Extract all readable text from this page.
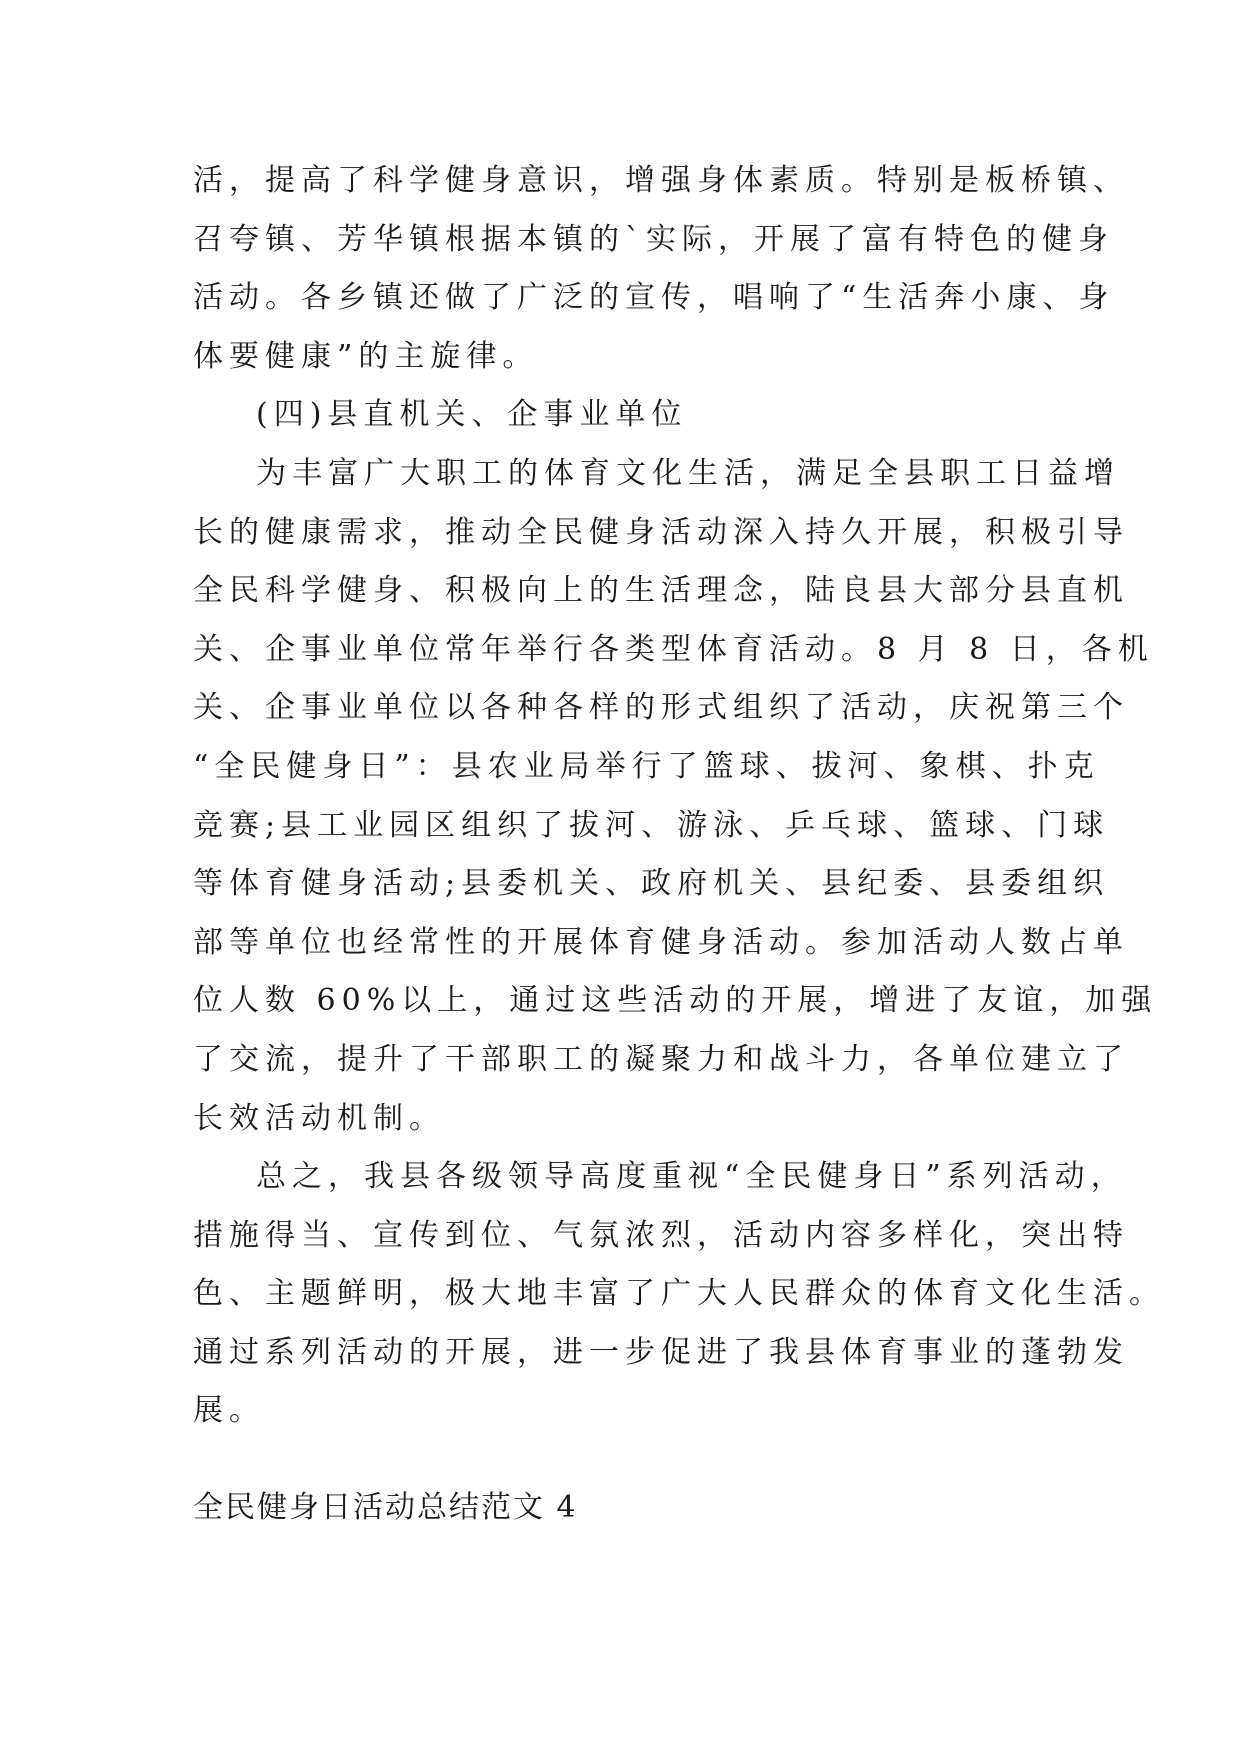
活，提高了科学健身意识，增强身体素质。特别是板桥镇、
召夸镇、芳华镇根据本镇的`实际，开展了富有特色的健身
活动。各乡镇还做了广泛的宣传，唱响了“生活奔小康、身
体要健康”的主旋律。
(四)县直机关、企事业单位
为丰富广大职工的体育文化生活，满足全县职工日益增
长的健康需求，推动全民健身活动深入持久开展，积极引导
全民科学健身、积极向上的生活理念，陆良县大部分县直机
关、企事业单位常年举行各类型体育活动。8 月 8 日，各机
关、企事业单位以各种各样的形式组织了活动，庆祝第三个
“全民健身日”：县农业局举行了篮球、拔河、象棋、扑克
竞赛;县工业园区组织了拔河、游泳、乒乓球、篮球、门球
等体育健身活动;县委机关、政府机关、县纪委、县委组织
部等单位也经常性的开展体育健身活动。参加活动人数占单
位人数 60%以上，通过这些活动的开展，增进了友谊，加强
了交流，提升了干部职工的凝聚力和战斗力，各单位建立了
长效活动机制。
总之，我县各级领导高度重视“全民健身日”系列活动，
措施得当、宣传到位、气氛浓烈，活动内容多样化，突出特
色、主题鲜明，极大地丰富了广大人民群众的体育文化生活。
通过系列活动的开展，进一步促进了我县体育事业的蓬勃发
展。
全民健身日活动总结范文 4
